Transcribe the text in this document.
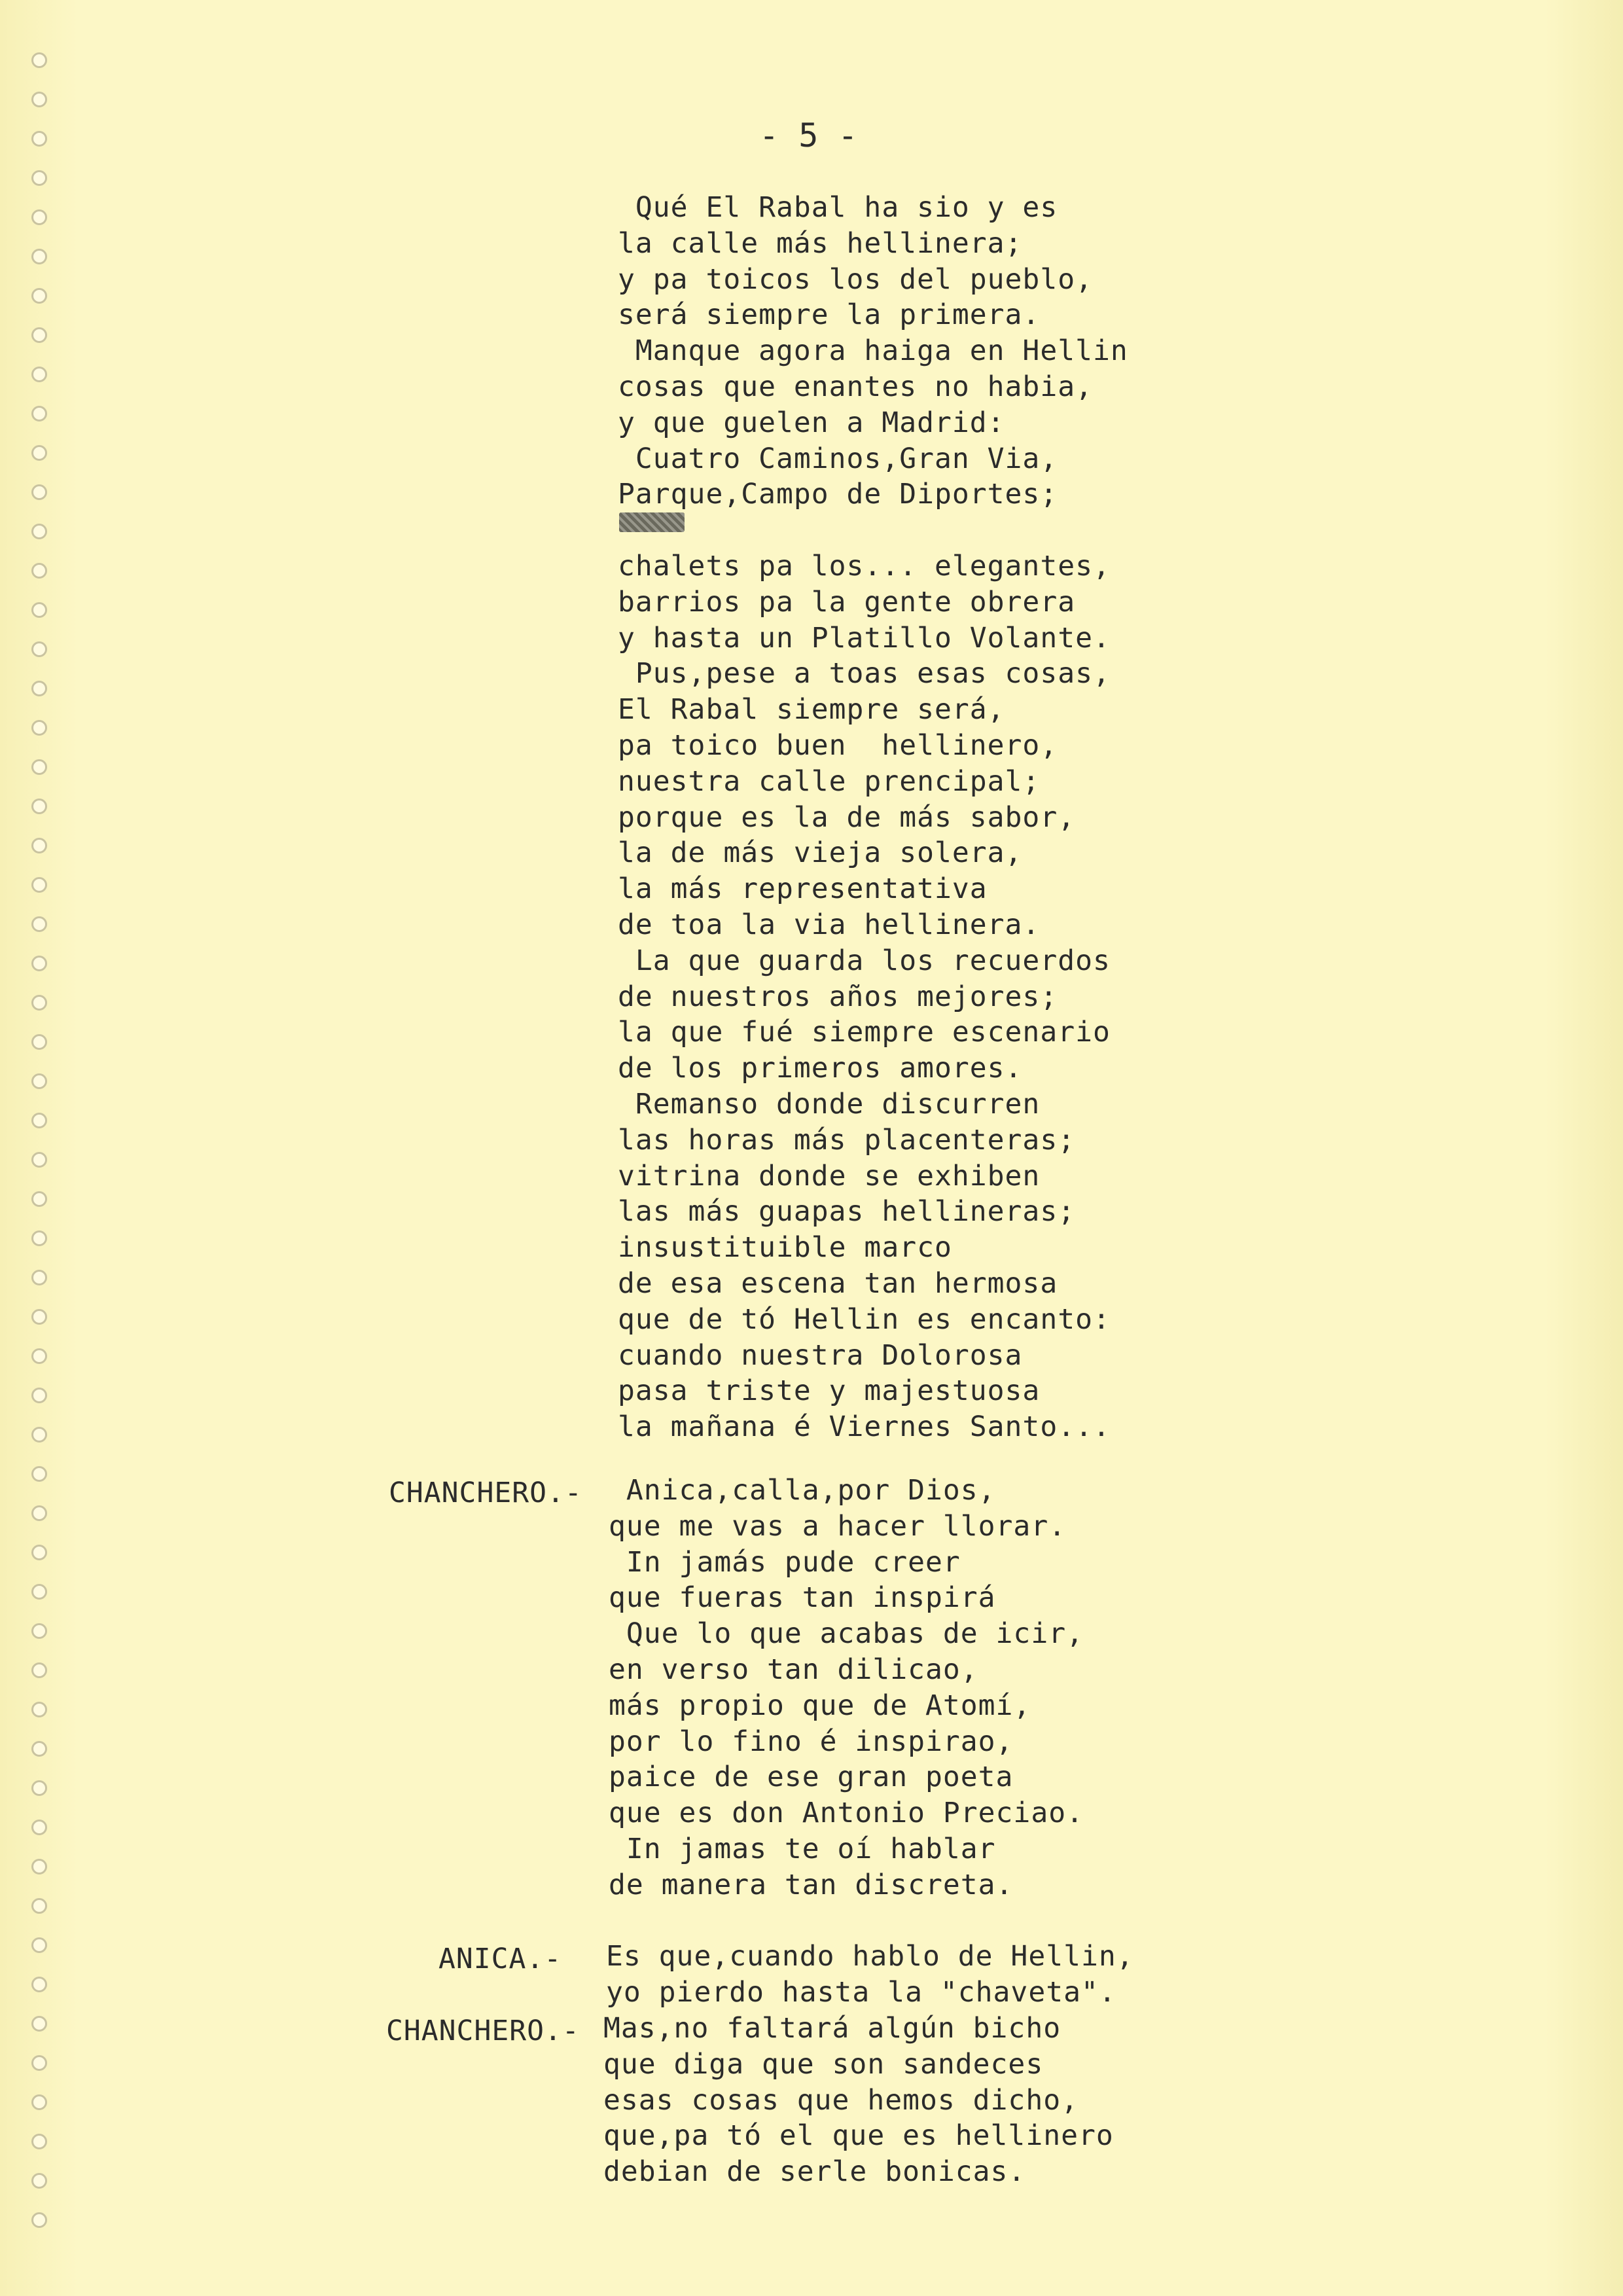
- 5 -
Qué El Rabal ha sio y es
la calle más hellinera;
y pa toicos los del pueblo,
será siempre la primera.
Manque agora haiga en Hellin
cosas que enantes no habia,
y que guelen a Madrid:
Cuatro Caminos,Gran Via,
Parque,Campo de Diportes;
chalets pa los... elegantes,
barrios pa la gente obrera
y hasta un Platillo Volante.
Pus,pese a toas esas cosas,
El Rabal siempre será,
pa toico buen  hellinero,
nuestra calle prencipal;
porque es la de más sabor,
la de más vieja solera,
la más representativa
de toa la via hellinera.
La que guarda los recuerdos
de nuestros años mejores;
la que fué siempre escenario
de los primeros amores.
Remanso donde discurren
las horas más placenteras;
vitrina donde se exhiben
las más guapas hellineras;
insustituible marco
de esa escena tan hermosa
que de tó Hellin es encanto:
cuando nuestra Dolorosa
pasa triste y majestuosa
la mañana é Viernes Santo...
CHANCHERO.- Anica,calla,por Dios,
que me vas a hacer llorar.
In jamás pude creer
que fueras tan inspirá
Que lo que acabas de icir,
en verso tan dilicao,
más propio que de Atomí,
por lo fino é inspirao,
paice de ese gran poeta
que es don Antonio Preciao.
In jamas te oí hablar
de manera tan discreta.
ANICA.- Es que,cuando hablo de Hellin,
yo pierdo hasta la "chaveta".
CHANCHERO.- Mas,no faltará algún bicho
que diga que son sandeces
esas cosas que hemos dicho,
que,pa tó el que es hellinero
debian de serle bonicas.
